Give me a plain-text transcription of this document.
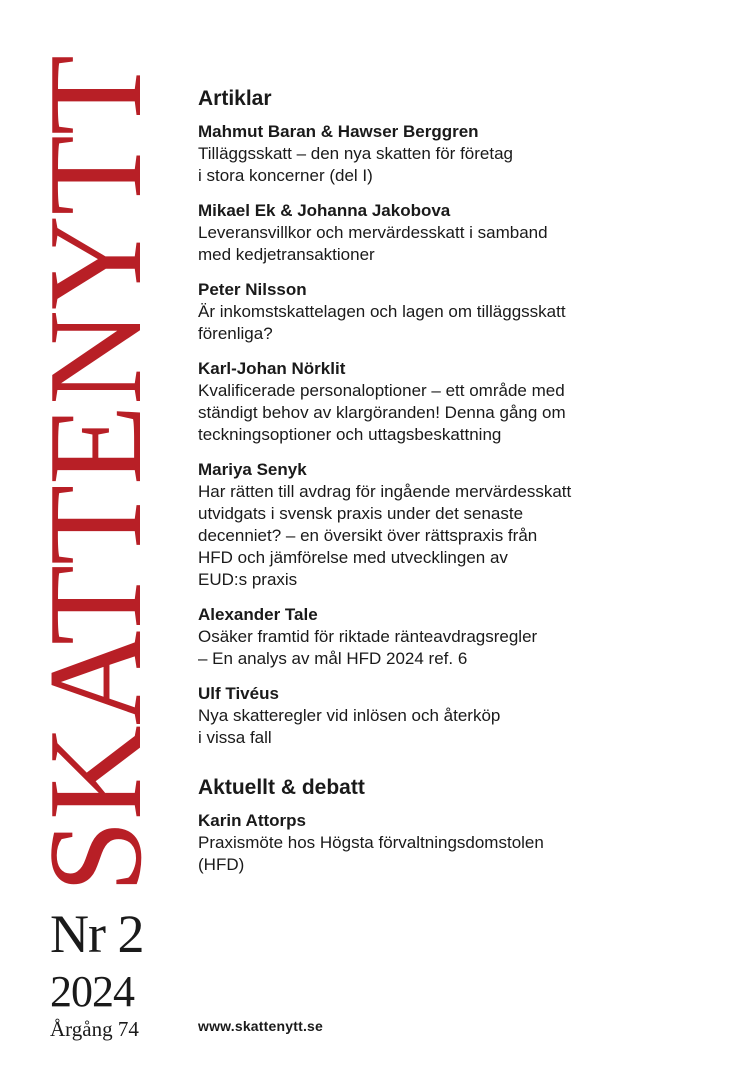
SKATTENYTT
Nr 2
2024
Årgång 74
Artiklar
Mahmut Baran & Hawser Berggren
Tilläggsskatt – den nya skatten för företag
i stora koncerner (del I)
Mikael Ek & Johanna Jakobova
Leveransvillkor och mervärdesskatt i samband
med kedjetransaktioner
Peter Nilsson
Är inkomstskattelagen och lagen om tilläggsskatt
förenliga?
Karl-Johan Nörklit
Kvalificerade personaloptioner – ett område med
ständigt behov av klargöranden! Denna gång om
teckningsoptioner och uttagsbeskattning
Mariya Senyk
Har rätten till avdrag för ingående mervärdesskatt
utvidgats i svensk praxis under det senaste
decenniet? – en översikt över rättspraxis från
HFD och jämförelse med utvecklingen av
EUD:s praxis
Alexander Tale
Osäker framtid för riktade ränteavdragsregler
– En analys av mål HFD 2024 ref. 6
Ulf Tivéus
Nya skatteregler vid inlösen och återköp
i vissa fall
Aktuellt & debatt
Karin Attorps
Praxismöte hos Högsta förvaltningsdomstolen
(HFD)
www.skattenytt.se
